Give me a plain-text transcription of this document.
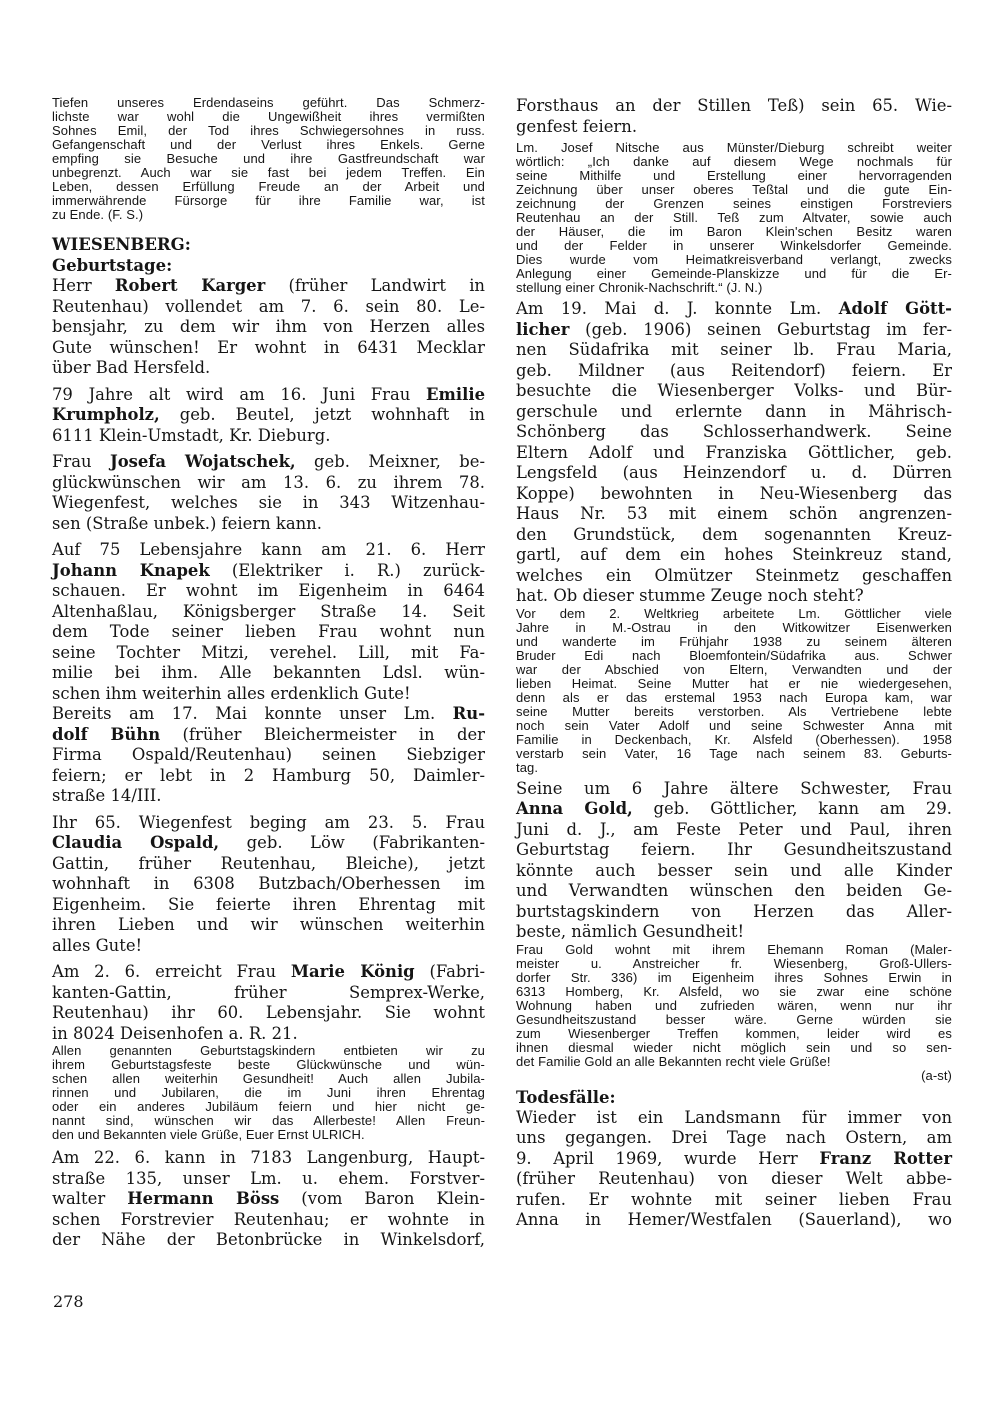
Tiefen unseres Erdendaseins geführt. Das Schmerz-
lichste war wohl die Ungewißheit ihres vermißten
Sohnes Emil, der Tod ihres Schwiegersohnes in russ.
Gefangenschaft und der Verlust ihres Enkels. Gerne
empfing sie Besuche und ihre Gastfreundschaft war
unbegrenzt. Auch war sie fast bei jedem Treffen. Ein
Leben, dessen Erfüllung Freude an der Arbeit und
immerwährende Fürsorge für ihre Familie war, ist
zu Ende. (F. S.)
WIESENBERG:
Geburtstage:
Herr Robert Karger (früher Landwirt in
Reutenhau) vollendet am 7. 6. sein 80. Le-
bensjahr, zu dem wir ihm von Herzen alles
Gute wünschen! Er wohnt in 6431 Mecklar
über Bad Hersfeld.
79 Jahre alt wird am 16. Juni Frau Emilie
Krumpholz, geb. Beutel, jetzt wohnhaft in
6111 Klein-Umstadt, Kr. Dieburg.
Frau Josefa Wojatschek, geb. Meixner, be-
glückwünschen wir am 13. 6. zu ihrem 78.
Wiegenfest, welches sie in 343 Witzenhau-
sen (Straße unbek.) feiern kann.
Auf 75 Lebensjahre kann am 21. 6. Herr
Johann Knapek (Elektriker i. R.) zurück-
schauen. Er wohnt im Eigenheim in 6464
Altenhaßlau, Königsberger Straße 14. Seit
dem Tode seiner lieben Frau wohnt nun
seine Tochter Mitzi, verehel. Lill, mit Fa-
milie bei ihm. Alle bekannten Ldsl. wün-
schen ihm weiterhin alles erdenklich Gute!
Bereits am 17. Mai konnte unser Lm. Ru-
dolf Bühn (früher Bleichermeister in der
Firma Ospald/Reutenhau) seinen Siebziger
feiern; er lebt in 2 Hamburg 50, Daimler-
straße 14/III.
Ihr 65. Wiegenfest beging am 23. 5. Frau
Claudia Ospald, geb. Löw (Fabrikanten-
Gattin, früher Reutenhau, Bleiche), jetzt
wohnhaft in 6308 Butzbach/Oberhessen im
Eigenheim. Sie feierte ihren Ehrentag mit
ihren Lieben und wir wünschen weiterhin
alles Gute!
Am 2. 6. erreicht Frau Marie König (Fabri-
kanten-Gattin, früher Semprex-Werke,
Reutenhau) ihr 60. Lebensjahr. Sie wohnt
in 8024 Deisenhofen a. R. 21.
Allen genannten Geburtstagskindern entbieten wir zu
ihrem Geburtstagsfeste beste Glückwünsche und wün-
schen allen weiterhin Gesundheit! Auch allen Jubila-
rinnen und Jubilaren, die im Juni ihren Ehrentag
oder ein anderes Jubiläum feiern und hier nicht ge-
nannt sind, wünschen wir das Allerbeste! Allen Freun-
den und Bekannten viele Grüße, Euer Ernst ULRICH.
Am 22. 6. kann in 7183 Langenburg, Haupt-
straße 135, unser Lm. u. ehem. Forstver-
walter Hermann Böss (vom Baron Klein-
schen Forstrevier Reutenhau; er wohnte in
der Nähe der Betonbrücke in Winkelsdorf,
Forsthaus an der Stillen Teß) sein 65. Wie-
genfest feiern.
Lm. Josef Nitsche aus Münster/Dieburg schreibt weiter
wörtlich: „Ich danke auf diesem Wege nochmals für
seine Mithilfe und Erstellung einer hervorragenden
Zeichnung über unser oberes Teßtal und die gute Ein-
zeichnung der Grenzen seines einstigen Forstreviers
Reutenhau an der Still. Teß zum Altvater, sowie auch
der Häuser, die im Baron Klein'schen Besitz waren
und der Felder in unserer Winkelsdorfer Gemeinde.
Dies wurde vom Heimatkreisverband verlangt, zwecks
Anlegung einer Gemeinde-Planskizze und für die Er-
stellung einer Chronik-Nachschrift.“ (J. N.)
Am 19. Mai d. J. konnte Lm. Adolf Gött-
licher (geb. 1906) seinen Geburtstag im fer-
nen Südafrika mit seiner lb. Frau Maria,
geb. Mildner (aus Reitendorf) feiern. Er
besuchte die Wiesenberger Volks- und Bür-
gerschule und erlernte dann in Mährisch-
Schönberg das Schlosserhandwerk. Seine
Eltern Adolf und Franziska Göttlicher, geb.
Lengsfeld (aus Heinzendorf u. d. Dürren
Koppe) bewohnten in Neu-Wiesenberg das
Haus Nr. 53 mit einem schön angrenzen-
den Grundstück, dem sogenannten Kreuz-
gartl, auf dem ein hohes Steinkreuz stand,
welches ein Olmützer Steinmetz geschaffen
hat. Ob dieser stumme Zeuge noch steht?
Vor dem 2. Weltkrieg arbeitete Lm. Göttlicher viele
Jahre in M.-Ostrau in den Witkowitzer Eisenwerken
und wanderte im Frühjahr 1938 zu seinem älteren
Bruder Edi nach Bloemfontein/Südafrika aus. Schwer
war der Abschied von Eltern, Verwandten und der
lieben Heimat. Seine Mutter hat er nie wiedergesehen,
denn als er das erstemal 1953 nach Europa kam, war
seine Mutter bereits verstorben. Als Vertriebene lebte
noch sein Vater Adolf und seine Schwester Anna mit
Familie in Deckenbach, Kr. Alsfeld (Oberhessen). 1958
verstarb sein Vater, 16 Tage nach seinem 83. Geburts-
tag.
Seine um 6 Jahre ältere Schwester, Frau
Anna Gold, geb. Göttlicher, kann am 29.
Juni d. J., am Feste Peter und Paul, ihren
Geburtstag feiern. Ihr Gesundheitszustand
könnte auch besser sein und alle Kinder
und Verwandten wünschen den beiden Ge-
burtstagskindern von Herzen das Aller-
beste, nämlich Gesundheit!
Frau Gold wohnt mit ihrem Ehemann Roman (Maler-
meister u. Anstreicher fr. Wiesenberg, Groß-Ullers-
dorfer Str. 336) im Eigenheim ihres Sohnes Erwin in
6313 Homberg, Kr. Alsfeld, wo sie zwar eine schöne
Wohnung haben und zufrieden wären, wenn nur ihr
Gesundheitszustand besser wäre. Gerne würden sie
zum Wiesenberger Treffen kommen, leider wird es
ihnen diesmal wieder nicht möglich sein und so sen-
det Familie Gold an alle Bekannten recht viele Grüße!
(a-st)
Todesfälle:
Wieder ist ein Landsmann für immer von
uns gegangen. Drei Tage nach Ostern, am
9. April 1969, wurde Herr Franz Rotter
(früher Reutenhau) von dieser Welt abbe-
rufen. Er wohnte mit seiner lieben Frau
Anna in Hemer/Westfalen (Sauerland), wo
278
